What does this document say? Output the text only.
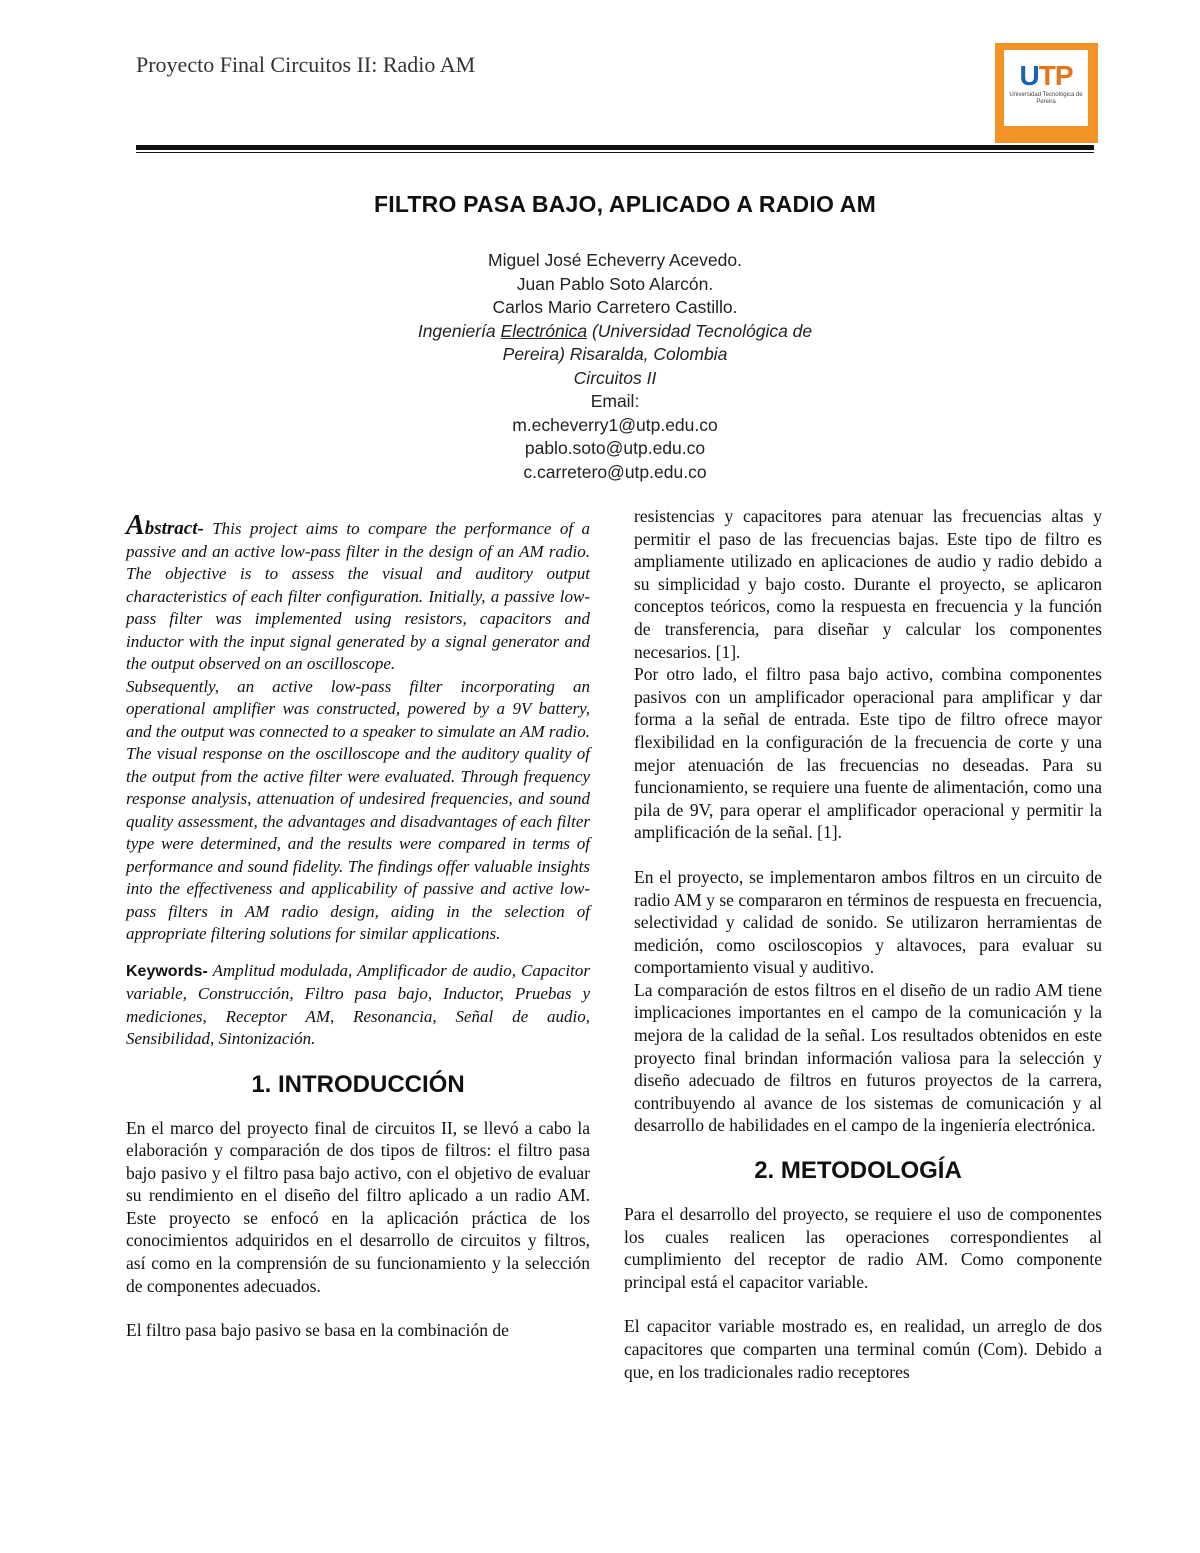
Proyecto Final Circuitos II: Radio AM	UTP
Universidad Tecnológica de Pereira
FILTRO PASA BAJO, APLICADO A RADIO AM
Miguel José Echeverry Acevedo.
Juan Pablo Soto Alarcón.
Carlos Mario Carretero Castillo.
Ingeniería Electrónica (Universidad Tecnológica de
Pereira) Risaralda, Colombia
Circuitos II
Email:
m.echeverry1@utp.edu.co
pablo.soto@utp.edu.co
c.carretero@utp.edu.co

Abstract- This project aims to compare the performance of a passive and an active low-pass filter in the design of an AM radio. The objective is to assess the visual and auditory output characteristics of each filter configuration. Initially, a passive low-pass filter was implemented using resistors, capacitors and inductor with the input signal generated by a signal generator and the output observed on an oscilloscope.

Subsequently, an active low-pass filter incorporating an operational amplifier was constructed, powered by a 9V battery, and the output was connected to a speaker to simulate an AM radio. The visual response on the oscilloscope and the auditory quality of the output from the active filter were evaluated. Through frequency response analysis, attenuation of undesired frequencies, and sound quality assessment, the advantages and disadvantages of each filter type were determined, and the results were compared in terms of performance and sound fidelity. The findings offer valuable insights into the effectiveness and applicability of passive and active low-pass filters in AM radio design, aiding in the selection of appropriate filtering solutions for similar applications.

Keywords- Amplitud modulada, Amplificador de audio, Capacitor variable, Construcción, Filtro pasa bajo, Inductor, Pruebas y mediciones, Receptor AM, Resonancia, Señal de audio, Sensibilidad, Sintonización.
1. INTRODUCCIÓN

En el marco del proyecto final de circuitos II, se llevó a cabo la elaboración y comparación de dos tipos de filtros: el filtro pasa bajo pasivo y el filtro pasa bajo activo, con el objetivo de evaluar su rendimiento en el diseño del filtro aplicado a un radio AM. Este proyecto se enfocó en la aplicación práctica de los conocimientos adquiridos en el desarrollo de circuitos y filtros, así como en la comprensión de su funcionamiento y la selección de componentes adecuados.

El filtro pasa bajo pasivo se basa en la combinación de

resistencias y capacitores para atenuar las frecuencias altas y permitir el paso de las frecuencias bajas. Este tipo de filtro es ampliamente utilizado en aplicaciones de audio y radio debido a su simplicidad y bajo costo. Durante el proyecto, se aplicaron conceptos teóricos, como la respuesta en frecuencia y la función de transferencia, para diseñar y calcular los componentes necesarios. [1].

Por otro lado, el filtro pasa bajo activo, combina componentes pasivos con un amplificador operacional para amplificar y dar forma a la señal de entrada. Este tipo de filtro ofrece mayor flexibilidad en la configuración de la frecuencia de corte y una mejor atenuación de las frecuencias no deseadas. Para su funcionamiento, se requiere una fuente de alimentación, como una pila de 9V, para operar el amplificador operacional y permitir la amplificación de la señal. [1].

En el proyecto, se implementaron ambos filtros en un circuito de radio AM y se compararon en términos de respuesta en frecuencia, selectividad y calidad de sonido. Se utilizaron herramientas de medición, como osciloscopios y altavoces, para evaluar su comportamiento visual y auditivo.

La comparación de estos filtros en el diseño de un radio AM tiene implicaciones importantes en el campo de la comunicación y la mejora de la calidad de la señal. Los resultados obtenidos en este proyecto final brindan información valiosa para la selección y diseño adecuado de filtros en futuros proyectos de la carrera, contribuyendo al avance de los sistemas de comunicación y al desarrollo de habilidades en el campo de la ingeniería electrónica.

2. METODOLOGÍA

Para el desarrollo del proyecto, se requiere el uso de componentes los cuales realicen las operaciones correspondientes al cumplimiento del receptor de radio AM. Como componente principal está el capacitor variable.

El capacitor variable mostrado es, en realidad, un arreglo de dos capacitores que comparten una terminal común (Com). Debido a que, en los tradicionales radio receptores
